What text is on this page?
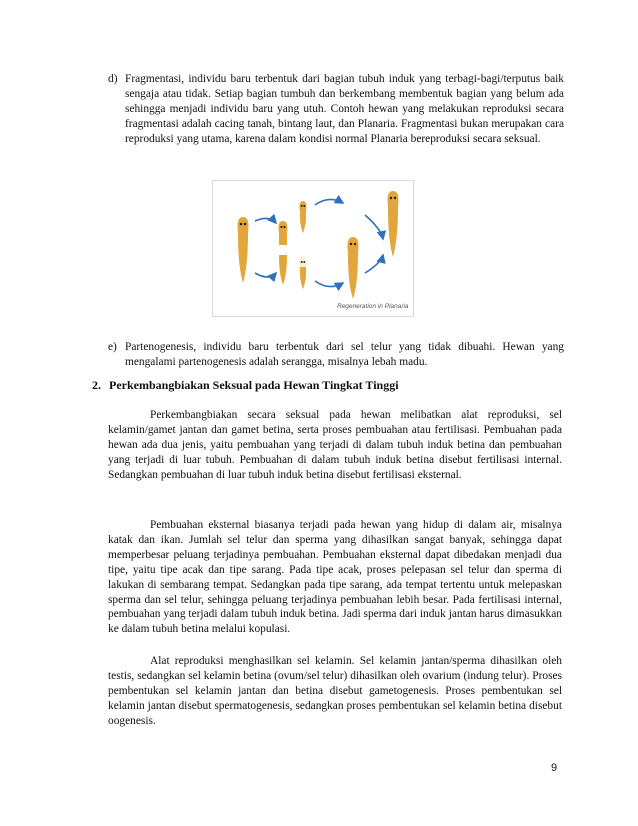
d) Fragmentasi, individu baru terbentuk dari bagian tubuh induk yang terbagi-bagi/terputus baik sengaja atau tidak. Setiap bagian tumbuh dan berkembang membentuk bagian yang belum ada sehingga menjadi individu baru yang utuh. Contoh hewan yang melakukan reproduksi secara fragmentasi adalah cacing tanah, bintang laut, dan Planaria. Fragmentasi bukan merupakan cara reproduksi yang utama, karena dalam kondisi normal Planaria bereproduksi secara seksual.
Regeneration in Planaria
e) Partenogenesis, individu baru terbentuk dari sel telur yang tidak dibuahi. Hewan yang mengalami partenogenesis adalah serangga, misalnya lebah madu.
2. Perkembangbiakan Seksual pada Hewan Tingkat Tinggi

Perkembangbiakan secara seksual pada hewan melibatkan alat reproduksi, sel kelamin/gamet jantan dan gamet betina, serta proses pembuahan atau fertilisasi. Pembuahan pada hewan ada dua jenis, yaitu pembuahan yang terjadi di dalam tubuh induk betina dan pembuahan yang terjadi di luar tubuh. Pembuahan di dalam tubuh induk betina disebut fertilisasi internal. Sedangkan pembuahan di luar tubuh induk betina disebut fertilisasi eksternal.

Pembuahan eksternal biasanya terjadi pada hewan yang hidup di dalam air, misalnya katak dan ikan. Jumlah sel telur dan sperma yang dihasilkan sangat banyak, sehingga dapat memperbesar peluang terjadinya pembuahan. Pembuahan eksternal dapat dibedakan menjadi dua tipe, yaitu tipe acak dan tipe sarang. Pada tipe acak, proses pelepasan sel telur dan sperma di lakukan di sembarang tempat. Sedangkan pada tipe sarang, ada tempat tertentu untuk melepaskan sperma dan sel telur, sehingga peluang terjadinya pembuahan lebih besar. Pada fertilisasi internal, pembuahan yang terjadi dalam tubuh induk betina. Jadi sperma dari induk jantan harus dimasukkan ke dalam tubuh betina melalui kopulasi.

Alat reproduksi menghasilkan sel kelamin. Sel kelamin jantan/sperma dihasilkan oleh testis, sedangkan sel kelamin betina (ovum/sel telur) dihasilkan oleh ovarium (indung telur). Proses pembentukan sel kelamin jantan dan betina disebut gametogenesis. Proses pembentukan sel kelamin jantan disebut spermatogenesis, sedangkan proses pembentukan sel kelamin betina disebut oogenesis.

9
